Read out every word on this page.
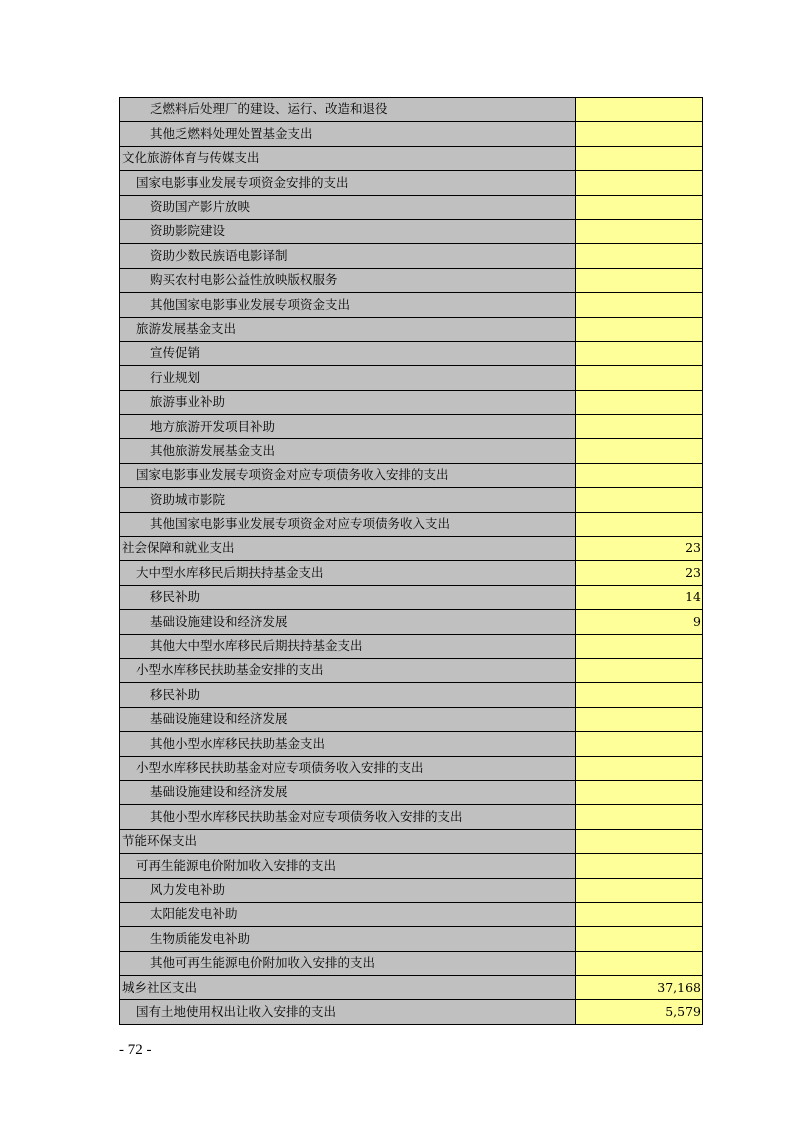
乏燃料后处理厂的建设、运行、改造和退役	
其他乏燃料处理处置基金支出	
文化旅游体育与传媒支出	
国家电影事业发展专项资金安排的支出	
资助国产影片放映	
资助影院建设	
资助少数民族语电影译制	
购买农村电影公益性放映版权服务	
其他国家电影事业发展专项资金支出	
旅游发展基金支出	
宣传促销	
行业规划	
旅游事业补助	
地方旅游开发项目补助	
其他旅游发展基金支出	
国家电影事业发展专项资金对应专项债务收入安排的支出	
资助城市影院	
其他国家电影事业发展专项资金对应专项债务收入支出	
社会保障和就业支出	23
大中型水库移民后期扶持基金支出	23
移民补助	14
基础设施建设和经济发展	9
其他大中型水库移民后期扶持基金支出	
小型水库移民扶助基金安排的支出	
移民补助	
基础设施建设和经济发展	
其他小型水库移民扶助基金支出	
小型水库移民扶助基金对应专项债务收入安排的支出	
基础设施建设和经济发展	
其他小型水库移民扶助基金对应专项债务收入安排的支出	
节能环保支出	
可再生能源电价附加收入安排的支出	
风力发电补助	
太阳能发电补助	
生物质能发电补助	
其他可再生能源电价附加收入安排的支出	
城乡社区支出	37,168
国有土地使用权出让收入安排的支出	5,579
- 72 -
